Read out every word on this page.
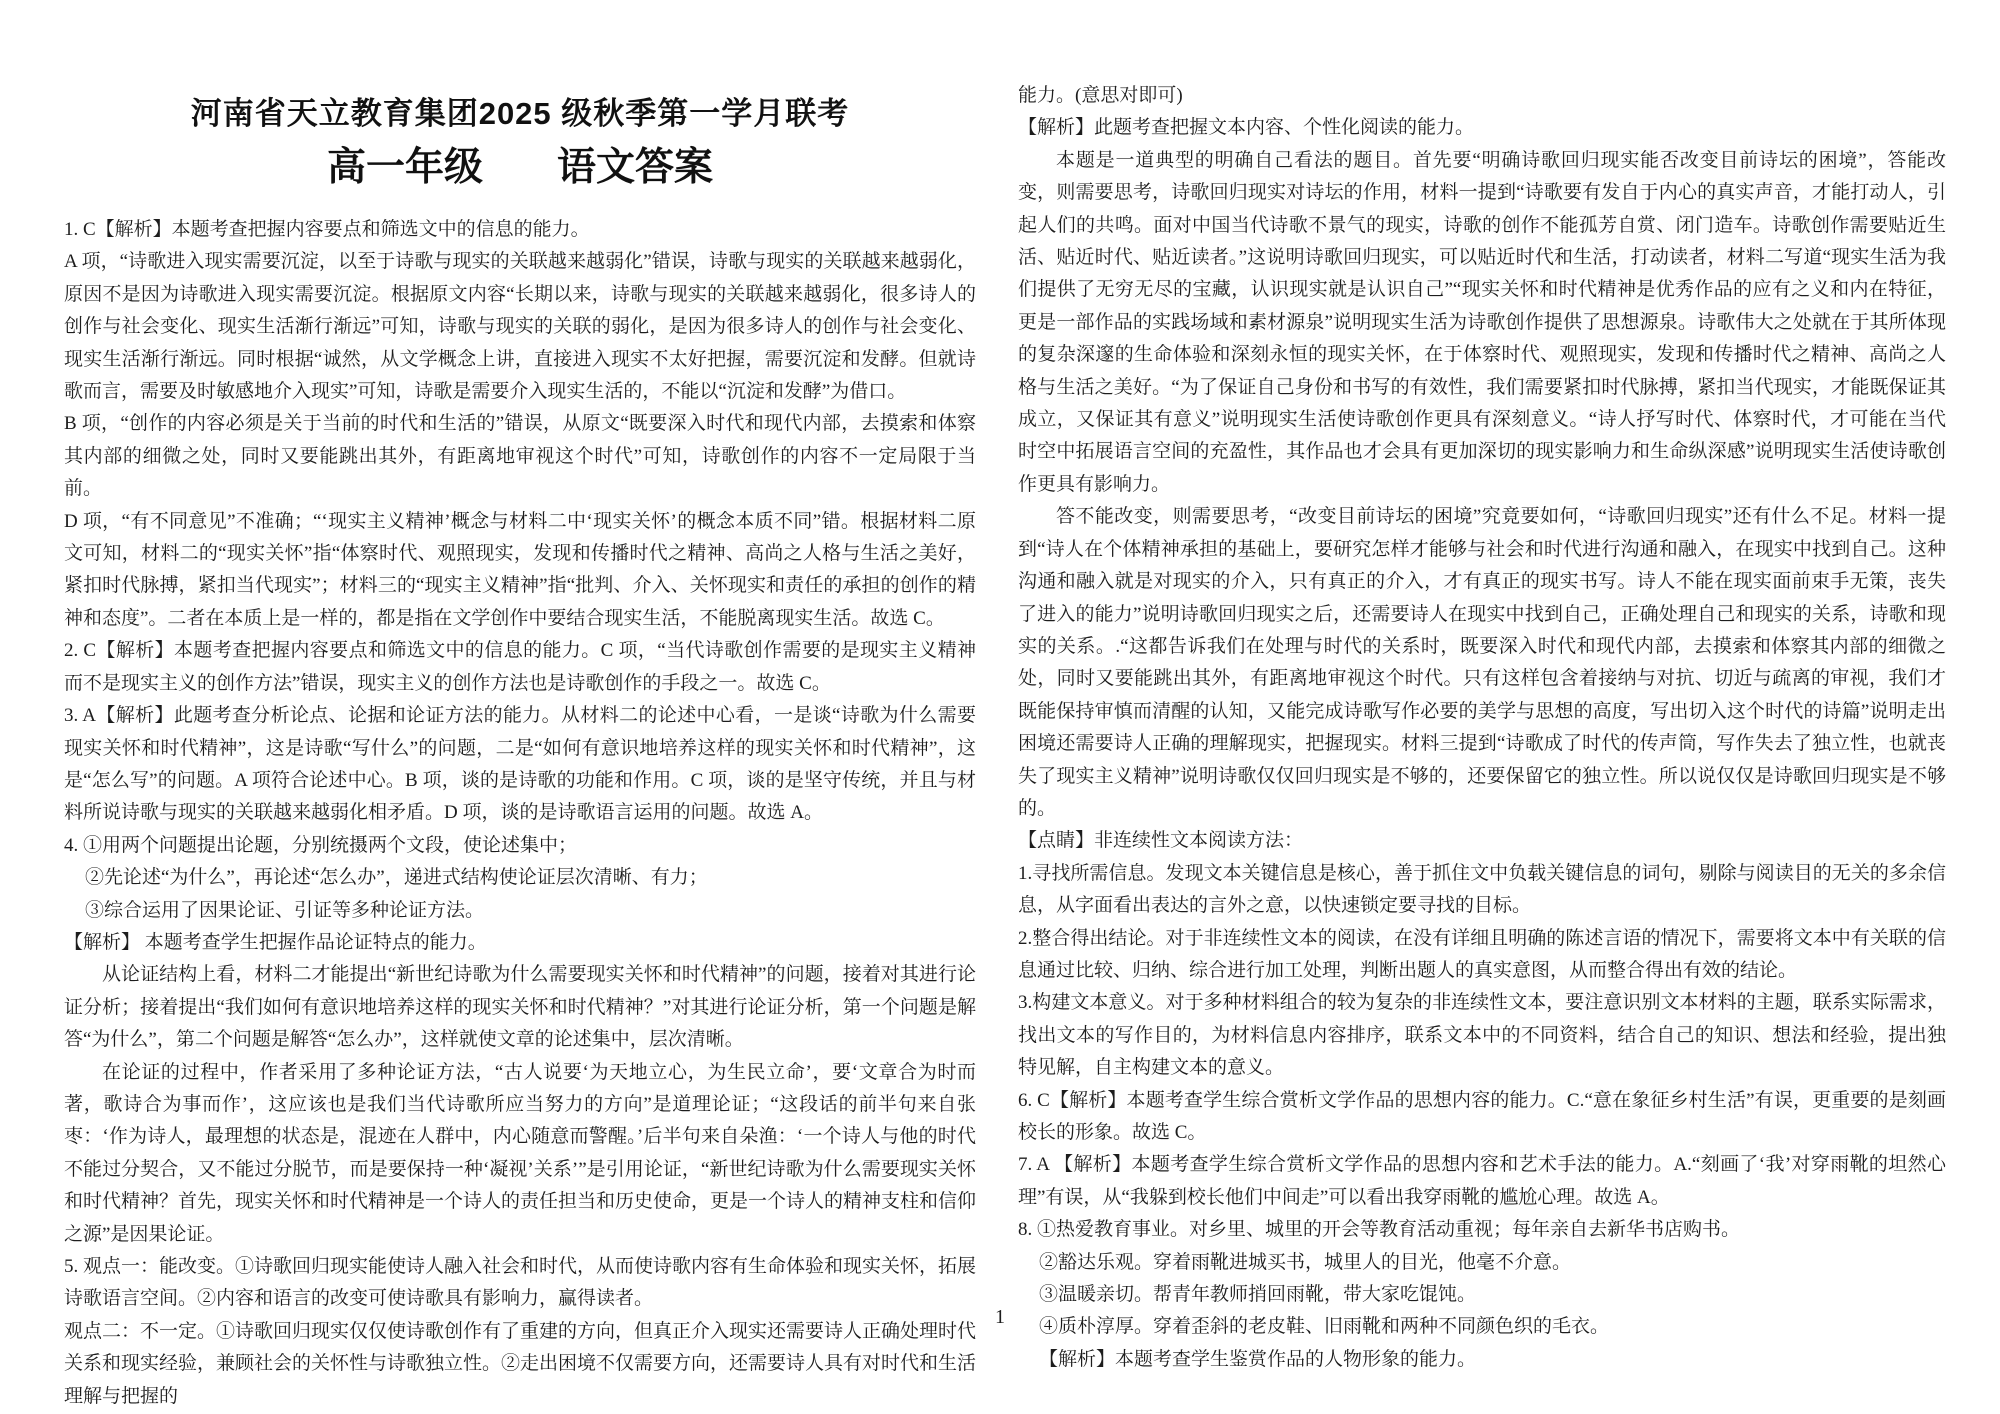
河南省天立教育集团2025 级秋季第一学月联考
高一年级 语文答案

1. C【解析】本题考查把握内容要点和筛选文中的信息的能力。

A 项，“诗歌进入现实需要沉淀，以至于诗歌与现实的关联越来越弱化”错误，诗歌与现实的关联越来越弱化，原因不是因为诗歌进入现实需要沉淀。根据原文内容“长期以来，诗歌与现实的关联越来越弱化，很多诗人的创作与社会变化、现实生活渐行渐远”可知，诗歌与现实的关联的弱化，是因为很多诗人的创作与社会变化、现实生活渐行渐远。同时根据“诚然，从文学概念上讲，直接进入现实不太好把握，需要沉淀和发酵。但就诗歌而言，需要及时敏感地介入现实”可知，诗歌是需要介入现实生活的，不能以“沉淀和发酵”为借口。

B 项，“创作的内容必须是关于当前的时代和生活的”错误，从原文“既要深入时代和现代内部，去摸索和体察其内部的细微之处，同时又要能跳出其外，有距离地审视这个时代”可知，诗歌创作的内容不一定局限于当前。

D 项，“有不同意见”不准确；“‘现实主义精神’概念与材料二中‘现实关怀’的概念本质不同”错。根据材料二原文可知，材料二的“现实关怀”指“体察时代、观照现实，发现和传播时代之精神、高尚之人格与生活之美好，紧扣时代脉搏，紧扣当代现实”；材料三的“现实主义精神”指“批判、介入、关怀现实和责任的承担的创作的精神和态度”。二者在本质上是一样的，都是指在文学创作中要结合现实生活，不能脱离现实生活。故选 C。

2. C【解析】本题考查把握内容要点和筛选文中的信息的能力。C 项，“当代诗歌创作需要的是现实主义精神而不是现实主义的创作方法”错误，现实主义的创作方法也是诗歌创作的手段之一。故选 C。

3. A【解析】此题考查分析论点、论据和论证方法的能力。从材料二的论述中心看，一是谈“诗歌为什么需要现实关怀和时代精神”，这是诗歌“写什么”的问题，二是“如何有意识地培养这样的现实关怀和时代精神”，这是“怎么写”的问题。A 项符合论述中心。B 项，谈的是诗歌的功能和作用。C 项，谈的是坚守传统，并且与材料所说诗歌与现实的关联越来越弱化相矛盾。D 项，谈的是诗歌语言运用的问题。故选 A。

4. ①用两个问题提出论题，分别统摄两个文段，使论述集中；

②先论述“为什么”，再论述“怎么办”，递进式结构使论证层次清晰、有力；

③综合运用了因果论证、引证等多种论证方法。

【解析】 本题考查学生把握作品论证特点的能力。

从论证结构上看，材料二才能提出“新世纪诗歌为什么需要现实关怀和时代精神”的问题，接着对其进行论证分析；接着提出“我们如何有意识地培养这样的现实关怀和时代精神？”对其进行论证分析，第一个问题是解答“为什么”，第二个问题是解答“怎么办”，这样就使文章的论述集中，层次清晰。

在论证的过程中，作者采用了多种论证方法，“古人说要‘为天地立心，为生民立命’，要‘文章合为时而著，歌诗合为事而作’，这应该也是我们当代诗歌所应当努力的方向”是道理论证；“这段话的前半句来自张枣：‘作为诗人，最理想的状态是，混迹在人群中，内心随意而警醒。’后半句来自朵渔：‘一个诗人与他的时代不能过分契合，又不能过分脱节，而是要保持一种‘凝视’关系’”是引用论证，“新世纪诗歌为什么需要现实关怀和时代精神？首先，现实关怀和时代精神是一个诗人的责任担当和历史使命，更是一个诗人的精神支柱和信仰之源”是因果论证。

5. 观点一：能改变。①诗歌回归现实能使诗人融入社会和时代，从而使诗歌内容有生命体验和现实关怀，拓展诗歌语言空间。②内容和语言的改变可使诗歌具有影响力，赢得读者。

观点二：不一定。①诗歌回归现实仅仅使诗歌创作有了重建的方向，但真正介入现实还需要诗人正确处理时代关系和现实经验，兼顾社会的关怀性与诗歌独立性。②走出困境不仅需要方向，还需要诗人具有对时代和生活理解与把握的

能力。(意思对即可)

【解析】此题考查把握文本内容、个性化阅读的能力。

本题是一道典型的明确自己看法的题目。首先要“明确诗歌回归现实能否改变目前诗坛的困境”，答能改变，则需要思考，诗歌回归现实对诗坛的作用，材料一提到“诗歌要有发自于内心的真实声音，才能打动人，引起人们的共鸣。面对中国当代诗歌不景气的现实，诗歌的创作不能孤芳自赏、闭门造车。诗歌创作需要贴近生活、贴近时代、贴近读者。”这说明诗歌回归现实，可以贴近时代和生活，打动读者，材料二写道“现实生活为我们提供了无穷无尽的宝藏，认识现实就是认识自己”“现实关怀和时代精神是优秀作品的应有之义和内在特征，更是一部作品的实践场域和素材源泉”说明现实生活为诗歌创作提供了思想源泉。诗歌伟大之处就在于其所体现的复杂深邃的生命体验和深刻永恒的现实关怀，在于体察时代、观照现实，发现和传播时代之精神、高尚之人格与生活之美好。“为了保证自己身份和书写的有效性，我们需要紧扣时代脉搏，紧扣当代现实，才能既保证其成立，又保证其有意义”说明现实生活使诗歌创作更具有深刻意义。“诗人抒写时代、体察时代，才可能在当代时空中拓展语言空间的充盈性，其作品也才会具有更加深切的现实影响力和生命纵深感”说明现实生活使诗歌创作更具有影响力。

答不能改变，则需要思考，“改变目前诗坛的困境”究竟要如何，“诗歌回归现实”还有什么不足。材料一提到“诗人在个体精神承担的基础上，要研究怎样才能够与社会和时代进行沟通和融入，在现实中找到自己。这种沟通和融入就是对现实的介入，只有真正的介入，才有真正的现实书写。诗人不能在现实面前束手无策，丧失了进入的能力”说明诗歌回归现实之后，还需要诗人在现实中找到自己，正确处理自己和现实的关系，诗歌和现实的关系。.“这都告诉我们在处理与时代的关系时，既要深入时代和现代内部，去摸索和体察其内部的细微之处，同时又要能跳出其外，有距离地审视这个时代。只有这样包含着接纳与对抗、切近与疏离的审视，我们才既能保持审慎而清醒的认知，又能完成诗歌写作必要的美学与思想的高度，写出切入这个时代的诗篇”说明走出困境还需要诗人正确的理解现实，把握现实。材料三提到“诗歌成了时代的传声筒，写作失去了独立性，也就丧失了现实主义精神”说明诗歌仅仅回归现实是不够的，还要保留它的独立性。所以说仅仅是诗歌回归现实是不够的。

【点睛】非连续性文本阅读方法：

1.寻找所需信息。发现文本关键信息是核心，善于抓住文中负载关键信息的词句，剔除与阅读目的无关的多余信息，从字面看出表达的言外之意，以快速锁定要寻找的目标。

2.整合得出结论。对于非连续性文本的阅读，在没有详细且明确的陈述言语的情况下，需要将文本中有关联的信息通过比较、归纳、综合进行加工处理，判断出题人的真实意图，从而整合得出有效的结论。

3.构建文本意义。对于多种材料组合的较为复杂的非连续性文本，要注意识别文本材料的主题，联系实际需求，找出文本的写作目的，为材料信息内容排序，联系文本中的不同资料，结合自己的知识、想法和经验，提出独特见解，自主构建文本的意义。

6. C【解析】本题考查学生综合赏析文学作品的思想内容的能力。C.“意在象征乡村生活”有误，更重要的是刻画校长的形象。故选 C。

7. A 【解析】本题考查学生综合赏析文学作品的思想内容和艺术手法的能力。A.“刻画了‘我’对穿雨靴的坦然心理”有误，从“我躲到校长他们中间走”可以看出我穿雨靴的尴尬心理。故选 A。

8. ①热爱教育事业。对乡里、城里的开会等教育活动重视；每年亲自去新华书店购书。

②豁达乐观。穿着雨靴进城买书，城里人的目光，他毫不介意。

③温暖亲切。帮青年教师捎回雨靴，带大家吃馄饨。

④质朴淳厚。穿着歪斜的老皮鞋、旧雨靴和两种不同颜色织的毛衣。

【解析】本题考查学生鉴赏作品的人物形象的能力。

1
